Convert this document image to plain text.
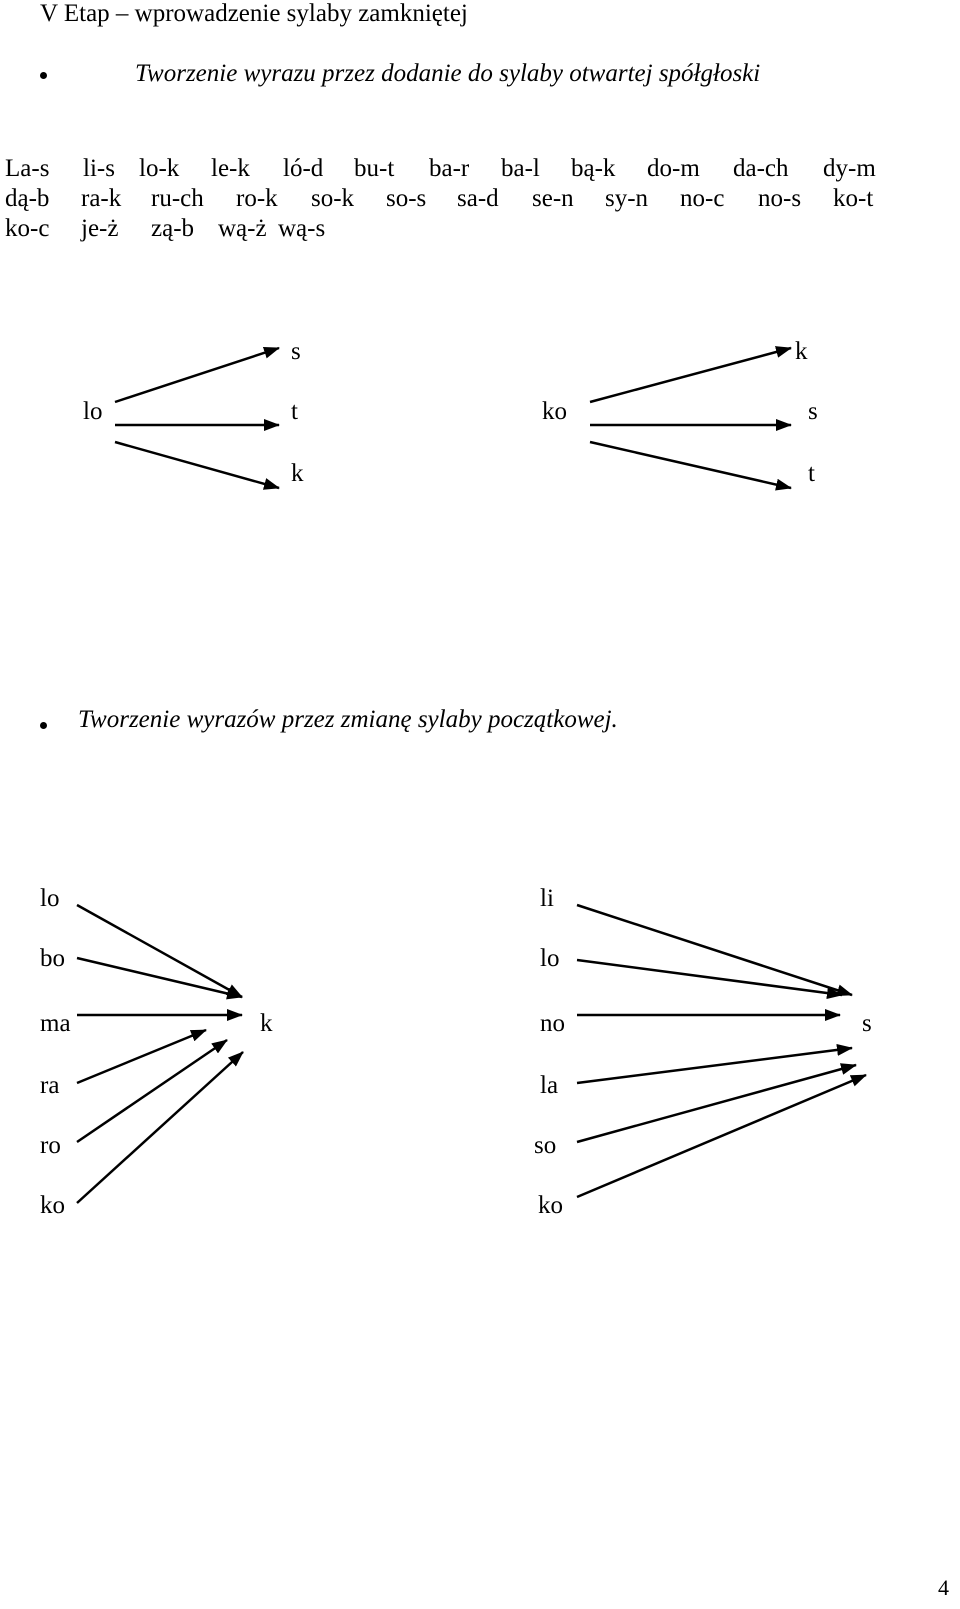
V Etap – wprowadzenie sylaby zamkniętej
Tworzenie wyrazu przez dodanie do sylaby otwartej spółgłoski
La-s	li-s lo-k	le-k	ló-d	bu-t	ba-r	ba-l	bą-k	do-m	da-ch	dy-m
dą-b	ra-k	ru-ch	ro-k	so-k	so-s	sa-d	se-n	sy-n	no-c	no-s	ko-t
ko-c	je-ż	zą-b wą-ż wą-s
lo
s
t
k
ko
k
s
t
Tworzenie wyrazów przez zmianę sylaby początkowej.
lo
bo
ma
ra
ro
ko
k
li
lo
no
la
so
ko
s
4
